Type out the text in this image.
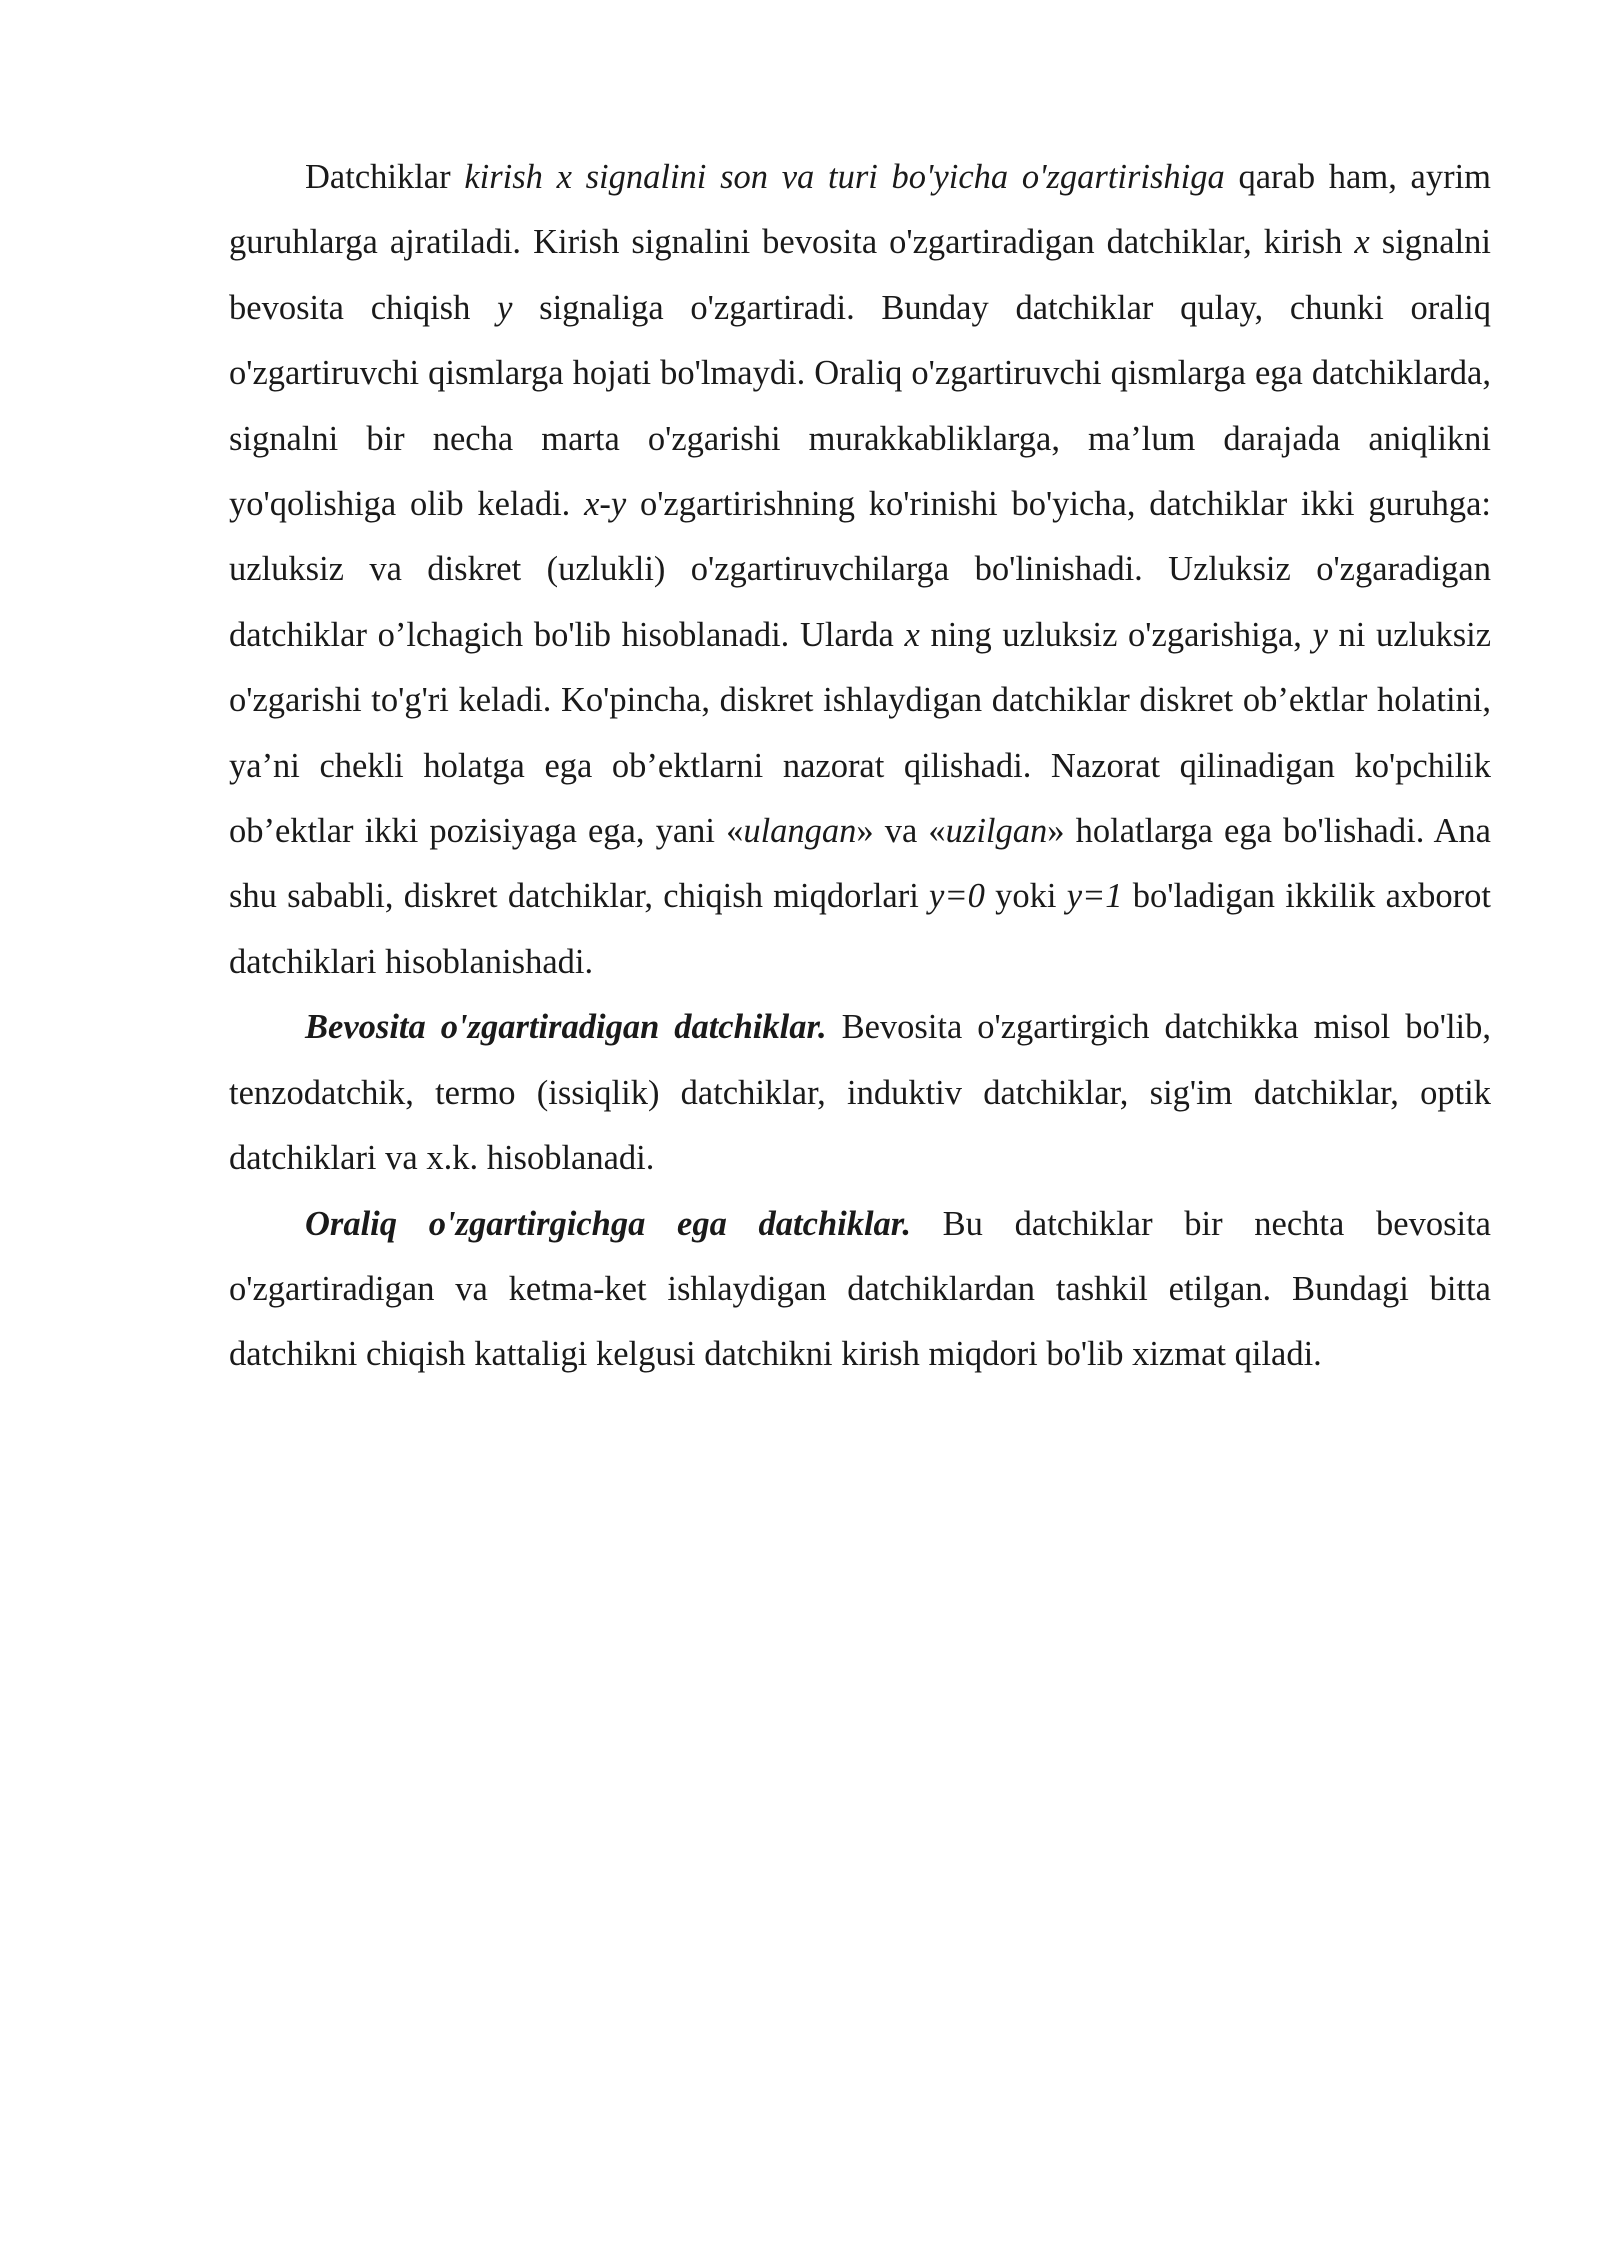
Datchiklar kirish x signalini son va turi bo'yicha o'zgartirishiga qarab ham, ayrim guruhlarga ajratiladi. Kirish signalini bevosita o'zgartiradigan datchiklar, kirish x signalni bevosita chiqish y signaliga o'zgartiradi. Bunday datchiklar qulay, chunki oraliq o'zgartiruvchi qismlarga hojati bo'lmaydi. Oraliq o'zgartiruvchi qismlarga ega datchiklarda, signalni bir necha marta o'zgarishi murakkabliklarga, ma’lum darajada aniqlikni yo'qolishiga olib keladi. x-y o'zgartirishning ko'rinishi bo'yicha, datchiklar ikki guruhga: uzluksiz va diskret (uzlukli) o'zgartiruvchilarga bo'linishadi. Uzluksiz o'zgaradigan datchiklar o’lchagich bo'lib hisoblanadi. Ularda x ning uzluksiz o'zgarishiga, y ni uzluksiz o'zgarishi to'g'ri keladi. Ko'pincha, diskret ishlaydigan datchiklar diskret ob’ektlar holatini, ya’ni chekli holatga ega ob’ektlarni nazorat qilishadi. Nazorat qilinadigan ko'pchilik ob’ektlar ikki pozisiyaga ega, yani «ulangan» va «uzilgan» holatlarga ega bo'lishadi. Ana shu sababli, diskret datchiklar, chiqish miqdorlari y=0 yoki y=1 bo'ladigan ikkilik axborot datchiklari hisoblanishadi.

Bevosita o'zgartiradigan datchiklar. Bevosita o'zgartirgich datchikka misol bo'lib, tenzodatchik, termo (issiqlik) datchiklar, induktiv datchiklar, sig'im datchiklar, optik datchiklari va x.k. hisoblanadi.

Oraliq o'zgartirgichga ega datchiklar. Bu datchiklar bir nechta bevosita o'zgartiradigan va ketma-ket ishlaydigan datchiklardan tashkil etilgan. Bundagi bitta datchikni chiqish kattaligi kelgusi datchikni kirish miqdori bo'lib xizmat qiladi.
